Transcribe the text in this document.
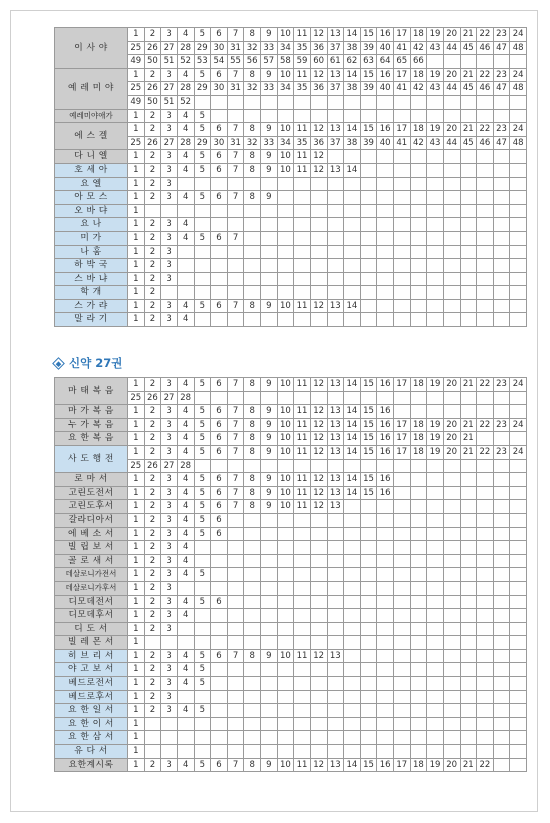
이 사 야	1	2	3	4	5	6	7	8	9	10	11	12	13	14	15	16	17	18	19	20	21	22	23	24
	25	26	27	28	29	30	31	32	33	34	35	36	37	38	39	40	41	42	43	44	45	46	47	48
	49	50	51	52	53	54	55	56	57	58	59	60	61	62	63	64	65	66						
예 레 미 야	1	2	3	4	5	6	7	8	9	10	11	12	13	14	15	16	17	18	19	20	21	22	23	24
	25	26	27	28	29	30	31	32	33	34	35	36	37	38	39	40	41	42	43	44	45	46	47	48
	49	50	51	52																				
예레미야애가	1	2	3	4	5																			
에 스 겔	1	2	3	4	5	6	7	8	9	10	11	12	13	14	15	16	17	18	19	20	21	22	23	24
	25	26	27	28	29	30	31	32	33	34	35	36	37	38	39	40	41	42	43	44	45	46	47	48
다 니 엘	1	2	3	4	5	6	7	8	9	10	11	12												
호 세 아	1	2	3	4	5	6	7	8	9	10	11	12	13	14										
요 엘	1	2	3																					
아 모 스	1	2	3	4	5	6	7	8	9															
오 바 댜	1																							
요 나	1	2	3	4																				
미 가	1	2	3	4	5	6	7																	
나 훔	1	2	3																					
하 박 국	1	2	3																					
스 바 냐	1	2	3																					
학 개	1	2																						
스 가 랴	1	2	3	4	5	6	7	8	9	10	11	12	13	14										
말 라 기	1	2	3	4																				
신약 27권
마 태 복 음	1	2	3	4	5	6	7	8	9	10	11	12	13	14	15	16	17	18	19	20	21	22	23	24
	25	26	27	28																				
마 가 복 음	1	2	3	4	5	6	7	8	9	10	11	12	13	14	15	16								
누 가 복 음	1	2	3	4	5	6	7	8	9	10	11	12	13	14	15	16	17	18	19	20	21	22	23	24
요 한 복 음	1	2	3	4	5	6	7	8	9	10	11	12	13	14	15	16	17	18	19	20	21			
사 도 행 전	1	2	3	4	5	6	7	8	9	10	11	12	13	14	15	16	17	18	19	20	21	22	23	24
	25	26	27	28																				
로 마 서	1	2	3	4	5	6	7	8	9	10	11	12	13	14	15	16								
고린도전서	1	2	3	4	5	6	7	8	9	10	11	12	13	14	15	16								
고린도후서	1	2	3	4	5	6	7	8	9	10	11	12	13											
갈라디아서	1	2	3	4	5	6																		
에 베 소 서	1	2	3	4	5	6																		
빌 립 보 서	1	2	3	4																				
골 로 새 서	1	2	3	4																				
데살로니가전서	1	2	3	4	5																			
데살로니가후서	1	2	3																					
디모데전서	1	2	3	4	5	6																		
디모데후서	1	2	3	4																				
디 도 서	1	2	3																					
빌 레 몬 서	1																							
히 브 리 서	1	2	3	4	5	6	7	8	9	10	11	12	13											
야 고 보 서	1	2	3	4	5																			
베드로전서	1	2	3	4	5																			
베드로후서	1	2	3																					
요 한 일 서	1	2	3	4	5																			
요 한 이 서	1																							
요 한 삼 서	1																							
유 다 서	1																							
요한계시록	1	2	3	4	5	6	7	8	9	10	11	12	13	14	15	16	17	18	19	20	21	22		
